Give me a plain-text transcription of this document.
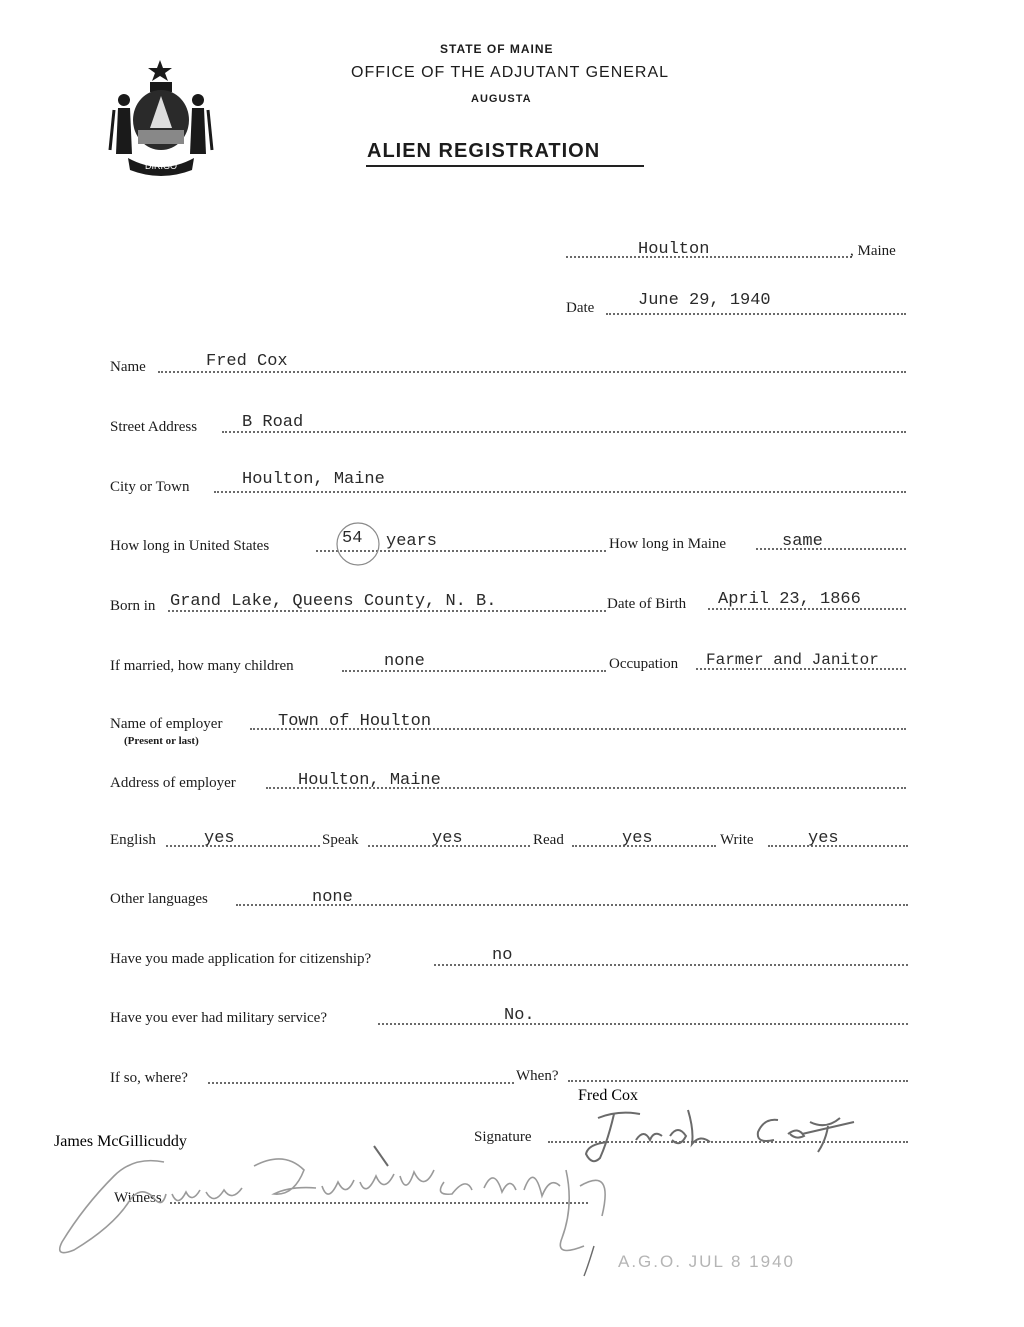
DIRIGO
STATE OF MAINE
OFFICE OF THE ADJUTANT GENERAL
AUGUSTA
ALIEN REGISTRATION
Houlton	, Maine
Date	June 29, 1940
Name	Fred Cox
Street Address	B Road
City or Town	Houlton, Maine
How long in United States	54 years	How long in Maine	same
Born in Grand Lake, Queens County, N. B.	Date of Birth April 23, 1866
If married, how many children	none	Occupation Farmer and Janitor
Name of employer
(Present or last)
Town of Houlton
Address of employer	Houlton, Maine
English	yes	Speak	yes	Read	yes	Write	yes
Other languages	none
Have you made application for citizenship?	no
Have you ever had military service?	No.
If so, where?	When?
Signature
Fred Cox
Witness
James McGillicuddy
A.G.O. JUL 8 1940
